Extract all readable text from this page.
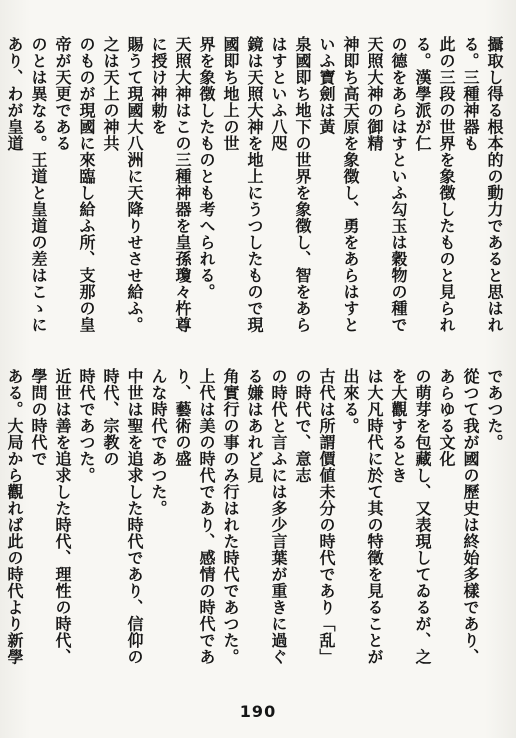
攝取し得る根本的の動力であると思はれる。三種神器も
此の三段の世界を象徴したものと見られる。漢學派が仁
の德をあらはすといふ勾玉は穀物の種で天照大神の御精
神即ち高天原を象徴し、勇をあらはすといふ寶劍は黃
泉國即ち地下の世界を象徴し、智をあらはすといふ八咫
鏡は天照大神を地上にうつしたもので現國即ち地上の世
界を象徴したものとも考へられる。

天照大神はこの三種神器を皇孫瓊々杵尊に授け神勅を
賜うて現國大八洲に天降りせさせ給ふ。之は天上の神共
のものが現國に來臨し給ふ所、支那の皇帝が天更である
のとは異なる。王道と皇道の差はこゝにあり、わが皇道

であつた。

從つて我が國の歷史は終始多樣であり、あらゆる文化
の萌芽を包藏し、又表現してゐるが、之を大觀するとき
は大凡時代に於て其の特徵を見ることが出來る。

古代は所謂價値未分の時代であり「乱」の時代で、意志
の時代と言ふには多少言葉が重きに過ぐる嫌はあれど見
角實行の事のみ行はれた時代であつた。

上代は美の時代であり、感情の時代であり、藝術の盛
んな時代であつた。

中世は聖を追求した時代であり、信仰の時代、宗教の
時代であつた。

近世は善を追求した時代、理性の時代、學問の時代で
ある。大局から觀れば此の時代より新學

190
